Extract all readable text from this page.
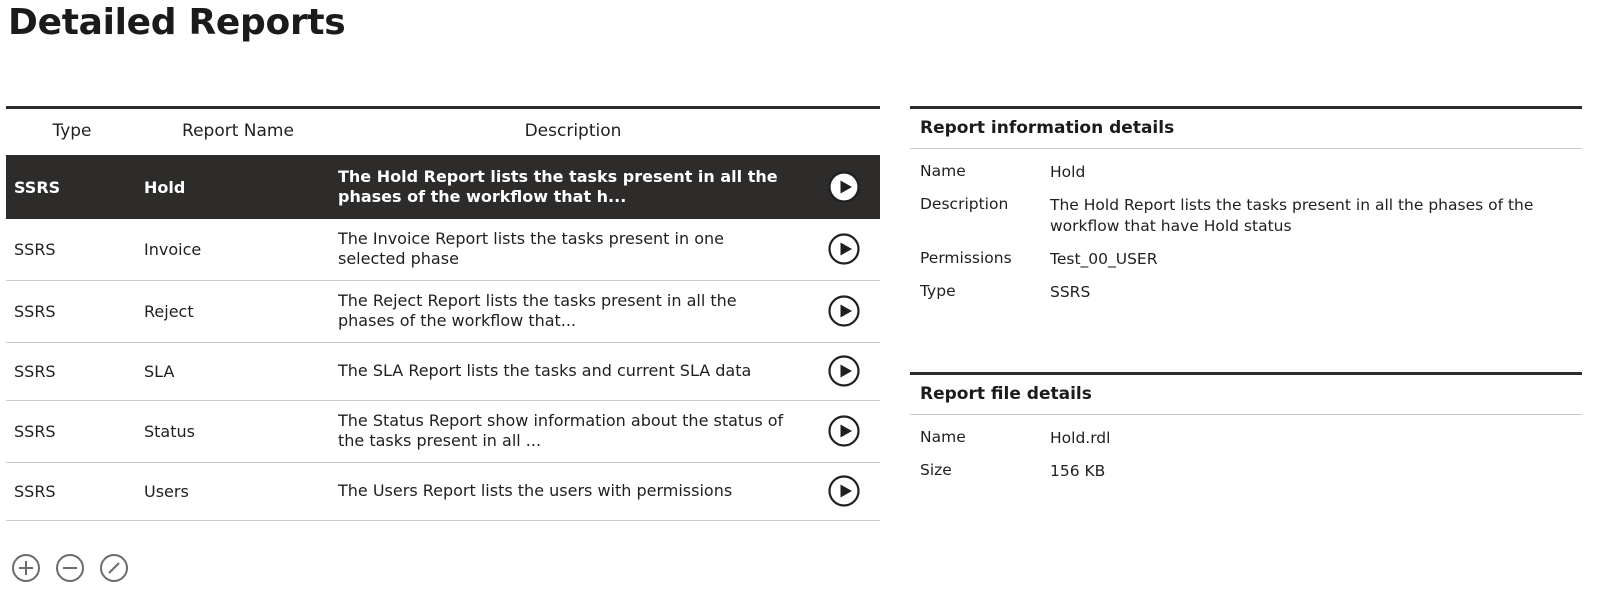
Detailed Reports
Type	Report Name	Description	
SSRS	Hold	The Hold Report lists the tasks present in all the phases of the workflow that h...	
SSRS	Invoice	The Invoice Report lists the tasks present in one selected phase	
SSRS	Reject	The Reject Report lists the tasks present in all the phases of the workflow that...	
SSRS	SLA	The SLA Report lists the tasks and current SLA data	
SSRS	Status	The Status Report show information about the status of the tasks present in all ...	
SSRS	Users	The Users Report lists the users with permissions	
Report information details
Name	Hold
Description	The Hold Report lists the tasks present in all the phases of the workflow that have Hold status
Permissions	Test_00_USER
Type	SSRS
Report file details
Name	Hold.rdl
Size	156 KB
